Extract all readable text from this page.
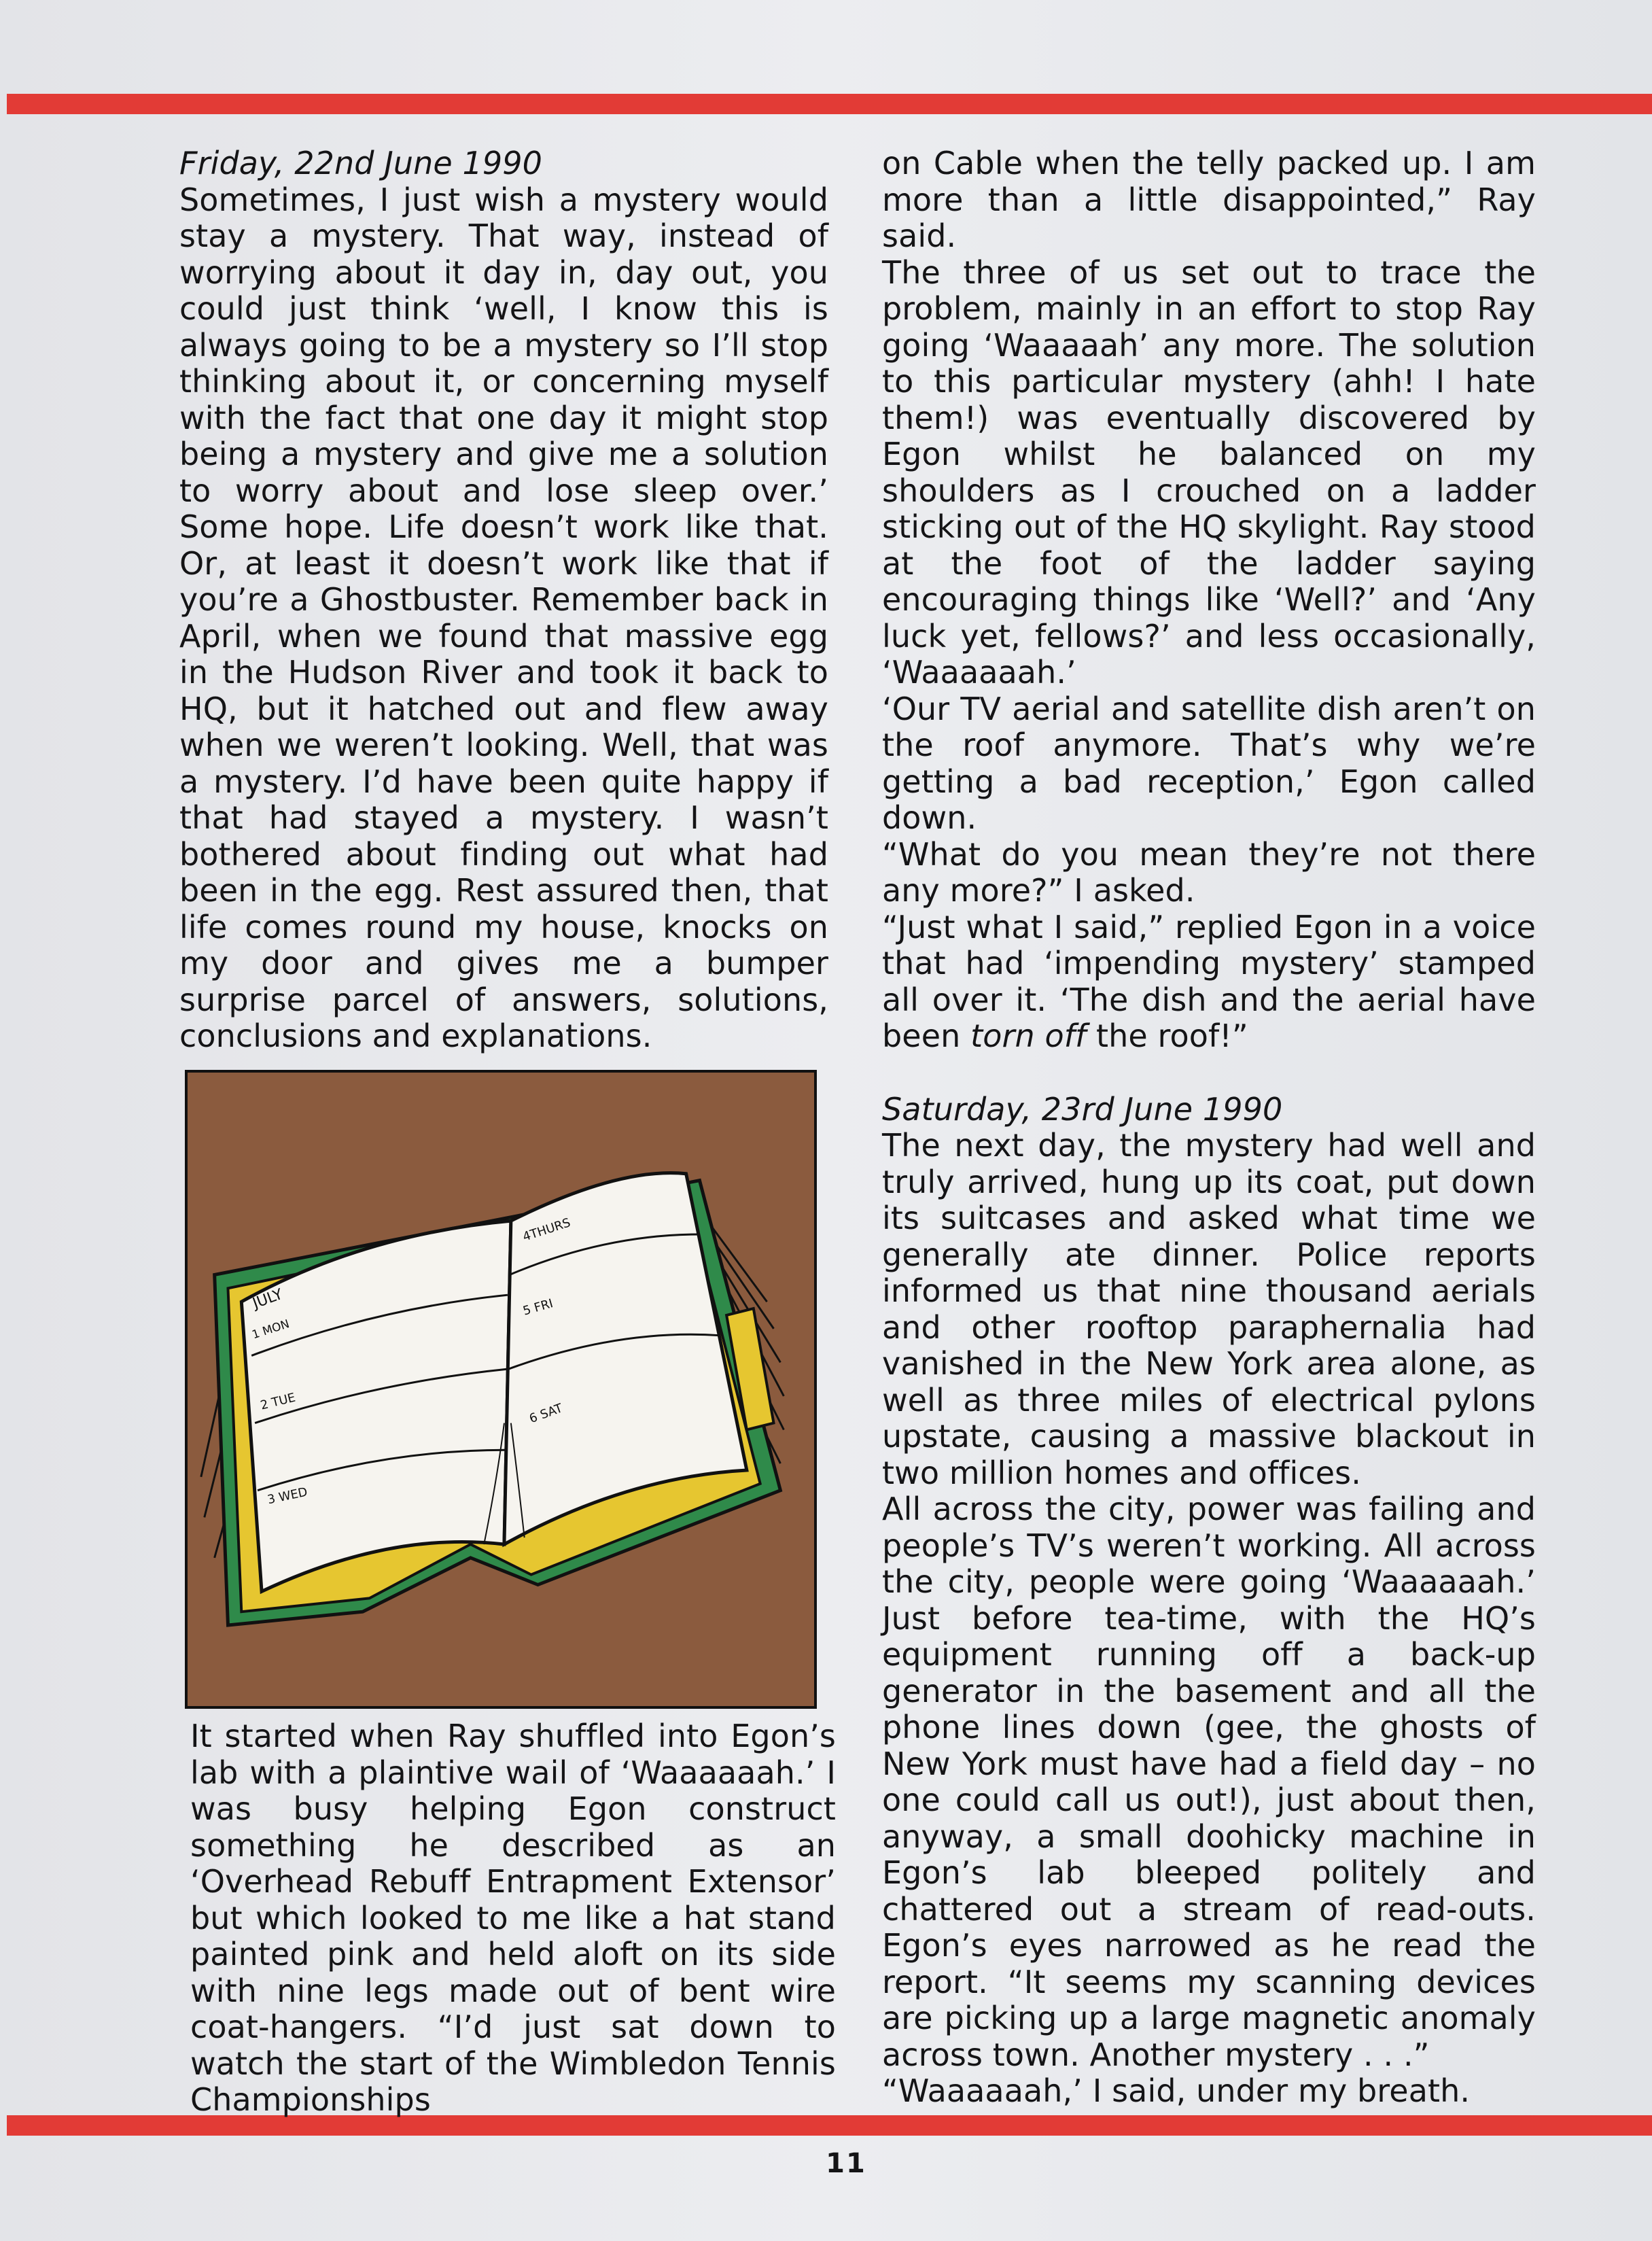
Friday, 22nd June 1990

Sometimes, I just wish a mystery would stay a mystery. That way, instead of worrying about it day in, day out, you could just think ‘well, I know this is always going to be a mystery so I’ll stop thinking about it, or concerning myself with the fact that one day it might stop being a mystery and give me a solution to worry about and lose sleep over.’ Some hope. Life doesn’t work like that. Or, at least it doesn’t work like that if you’re a Ghostbuster. Remember back in April, when we found that massive egg in the Hudson River and took it back to HQ, but it hatched out and flew away when we weren’t looking. Well, that was a mystery. I’d have been quite happy if that had stayed a mystery. I wasn’t bothered about finding out what had been in the egg. Rest assured then, that life comes round my house, knocks on my door and gives me a bumper surprise parcel of answers, solutions, conclusions and explanations.

JULY
1 MON
2 TUE
3 WED
4THURS
5 FRI
6 SAT

It started when Ray shuffled into Egon’s lab with a plaintive wail of ‘Waaaaaah.’ I was busy helping Egon construct something he described as an ‘Overhead Rebuff Entrapment Extensor’ but which looked to me like a hat stand painted pink and held aloft on its side with nine legs made out of bent wire coat-hangers. “I’d just sat down to watch the start of the Wimbledon Tennis Championships

on Cable when the telly packed up. I am more than a little disappointed,” Ray said.

The three of us set out to trace the problem, mainly in an effort to stop Ray going ‘Waaaaah’ any more. The solution to this particular mystery (ahh! I hate them!) was eventually discovered by Egon whilst he balanced on my shoulders as I crouched on a ladder sticking out of the HQ skylight. Ray stood at the foot of the ladder saying encouraging things like ‘Well?’ and ‘Any luck yet, fellows?’ and less occasionally, ‘Waaaaaah.’

‘Our TV aerial and satellite dish aren’t on the roof anymore. That’s why we’re getting a bad reception,’ Egon called down.

“What do you mean they’re not there any more?” I asked.

“Just what I said,” replied Egon in a voice that had ‘impending mystery’ stamped all over it. ‘The dish and the aerial have been torn off the roof!”

Saturday, 23rd June 1990

The next day, the mystery had well and truly arrived, hung up its coat, put down its suitcases and asked what time we generally ate dinner. Police reports informed us that nine thousand aerials and other rooftop paraphernalia had vanished in the New York area alone, as well as three miles of electrical pylons upstate, causing a massive blackout in two million homes and offices.

All across the city, power was failing and people’s TV’s weren’t working. All across the city, people were going ‘Waaaaaah.’ Just before tea-time, with the HQ’s equipment running off a back-up generator in the basement and all the phone lines down (gee, the ghosts of New York must have had a field day – no one could call us out!), just about then, anyway, a small doohicky machine in Egon’s lab bleeped politely and chattered out a stream of read-outs. Egon’s eyes narrowed as he read the report. “It seems my scanning devices are picking up a large magnetic anomaly across town. Another mystery . . .”

“Waaaaaah,’ I said, under my breath.

11
